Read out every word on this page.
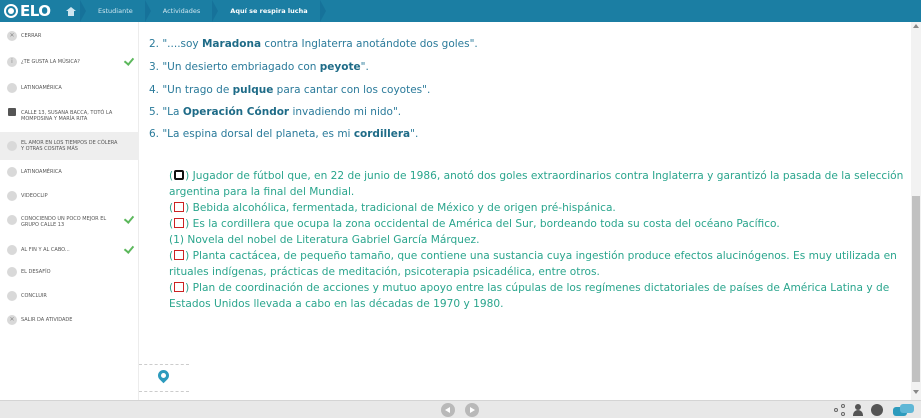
ELO	Estudiante	Actividades	Aquí se respira lucha
✕	CERRAR
i	¿TE GUSTA LA MÚSICA?
LATINOAMÉRICA
CALLE 13, SUSANA BACCA, TOTÓ LA MOMPOSINA Y MARÍA RITA
EL AMOR EN LOS TIEMPOS DE CÓLERA Y OTRAS COSITAS MÁS
LATINOAMÉRICA
VIDEOCLIP
CONOCIENDO UN POCO MEJOR EL GRUPO CALLE 13
AL FIN Y AL CABO...
EL DESAFÍO
CONCLUIR
✕	SALIR DA ATIVIDADE
2. "....soy Maradona contra Inglaterra anotándote dos goles".
3. "Un desierto embriagado con peyote".
4. "Un trago de pulque para cantar con los coyotes".
5. "La Operación Cóndor invadiendo mi nido".
6. "La espina dorsal del planeta, es mi cordillera".
( ) Jugador de fútbol que, en 22 de junio de 1986, anotó dos goles extraordinarios contra Inglaterra y garantizó la pasada de la selección argentina para la final del Mundial.
( ) Bebida alcohólica, fermentada, tradicional de México y de origen pré-hispánica.
( ) Es la cordillera que ocupa la zona occidental de América del Sur, bordeando toda su costa del océano Pacífico.
(1) Novela del nobel de Literatura Gabriel García Márquez.
( ) Planta cactácea, de pequeño tamaño, que contiene una sustancia cuya ingestión produce efectos alucinógenos. Es muy utilizada en rituales indígenas, prácticas de meditación, psicoterapia psicadélica, entre otros.
( ) Plan de coordinación de acciones y mutuo apoyo entre las cúpulas de los regímenes dictatoriales de países de América Latina y de Estados Unidos llevada a cabo en las décadas de 1970 y 1980.
